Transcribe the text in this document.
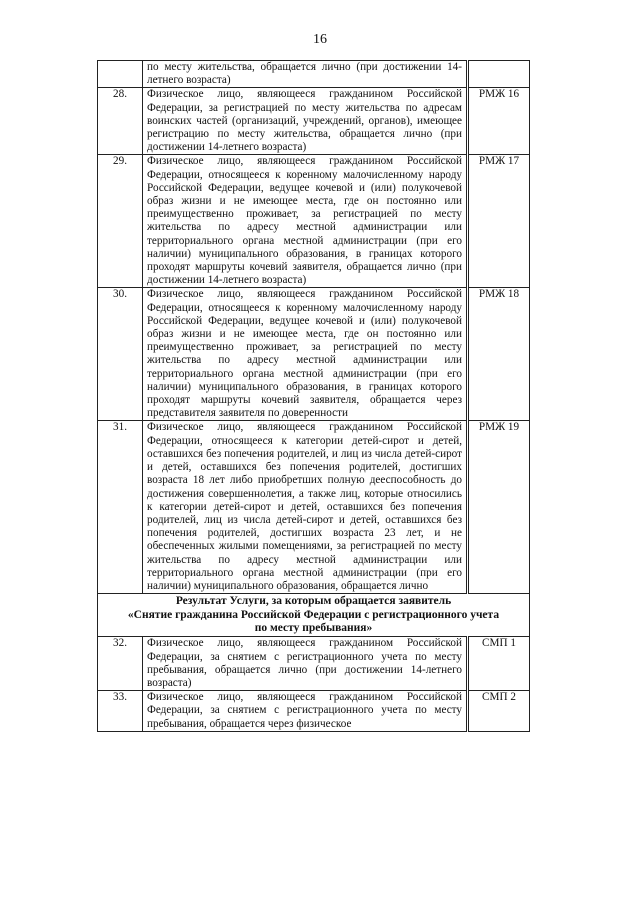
16
	по месту жительства, обращается лично (при достижении 14-летнего возраста)	
28.	Физическое лицо, являющееся гражданином Российской Федерации, за регистрацией по месту жительства по адресам воинских частей (организаций, учреждений, органов), имеющее регистрацию по месту жительства, обращается лично (при достижении 14-летнего возраста)	РМЖ 16
29.	Физическое лицо, являющееся гражданином Российской Федерации, относящееся к коренному малочисленному народу Российской Федерации, ведущее кочевой и (или) полукочевой образ жизни и не имеющее места, где он постоянно или преимущественно проживает, за регистрацией по месту жительства по адресу местной администрации или территориального органа местной администрации (при его наличии) муниципального образования, в границах которого проходят маршруты кочевий заявителя, обращается лично (при достижении 14-летнего возраста)	РМЖ 17
30.	Физическое лицо, являющееся гражданином Российской Федерации, относящееся к коренному малочисленному народу Российской Федерации, ведущее кочевой и (или) полукочевой образ жизни и не имеющее места, где он постоянно или преимущественно проживает, за регистрацией по месту жительства по адресу местной администрации или территориального органа местной администрации (при его наличии) муниципального образования, в границах которого проходят маршруты кочевий заявителя, обращается через представителя заявителя по доверенности	РМЖ 18
31.	Физическое лицо, являющееся гражданином Российской Федерации, относящееся к категории детей-сирот и детей, оставшихся без попечения родителей, и лиц из числа детей-сирот и детей, оставшихся без попечения родителей, достигших возраста 18 лет либо приобретших полную дееспособность до достижения совершеннолетия, а также лиц, которые относились к категории детей-сирот и детей, оставшихся без попечения родителей, лиц из числа детей-сирот и детей, оставшихся без попечения родителей, достигших возраста 23 лет, и не обеспеченных жилыми помещениями, за регистрацией по месту жительства по адресу местной администрации или территориального органа местной администрации (при его наличии) муниципального образования, обращается лично	РМЖ 19

Результат Услуги, за которым обращается заявитель
«Снятие гражданина Российской Федерации с регистрационного учета
по месту пребывания»		

32.	Физическое лицо, являющееся гражданином Российской Федерации, за снятием с регистрационного учета по месту пребывания, обращается лично (при достижении 14-летнего возраста)	СМП 1
33.	Физическое лицо, являющееся гражданином Российской Федерации, за снятием с регистрационного учета по месту пребывания, обращается через физическое	СМП 2
